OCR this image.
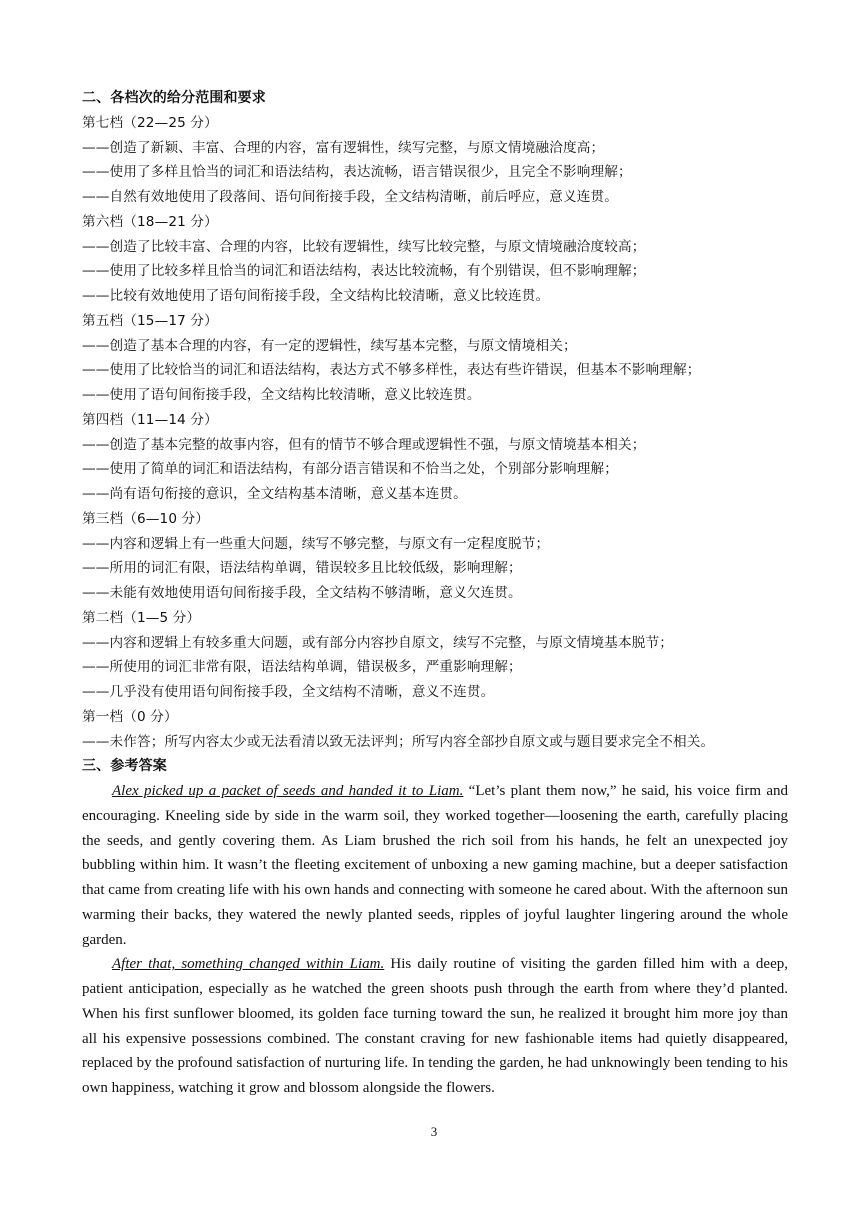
二、各档次的给分范围和要求
第七档（22—25 分）
——创造了新颖、丰富、合理的内容，富有逻辑性，续写完整，与原文情境融洽度高；
——使用了多样且恰当的词汇和语法结构，表达流畅，语言错误很少，且完全不影响理解；
——自然有效地使用了段落间、语句间衔接手段，全文结构清晰，前后呼应，意义连贯。
第六档（18—21 分）
——创造了比较丰富、合理的内容，比较有逻辑性，续写比较完整，与原文情境融洽度较高；
——使用了比较多样且恰当的词汇和语法结构，表达比较流畅，有个别错误，但不影响理解；
——比较有效地使用了语句间衔接手段，全文结构比较清晰，意义比较连贯。
第五档（15—17 分）
——创造了基本合理的内容，有一定的逻辑性，续写基本完整，与原文情境相关；
——使用了比较恰当的词汇和语法结构，表达方式不够多样性，表达有些许错误，但基本不影响理解；
——使用了语句间衔接手段，全文结构比较清晰，意义比较连贯。
第四档（11—14 分）
——创造了基本完整的故事内容，但有的情节不够合理或逻辑性不强，与原文情境基本相关；
——使用了简单的词汇和语法结构，有部分语言错误和不恰当之处，个别部分影响理解；
——尚有语句衔接的意识，全文结构基本清晰，意义基本连贯。
第三档（6—10 分）
——内容和逻辑上有一些重大问题，续写不够完整，与原文有一定程度脱节；
——所用的词汇有限，语法结构单调，错误较多且比较低级，影响理解；
——未能有效地使用语句间衔接手段，全文结构不够清晰，意义欠连贯。
第二档（1—5 分）
——内容和逻辑上有较多重大问题，或有部分内容抄自原文，续写不完整，与原文情境基本脱节；
——所使用的词汇非常有限，语法结构单调，错误极多，严重影响理解；
——几乎没有使用语句间衔接手段，全文结构不清晰，意义不连贯。
第一档（0 分）
——未作答；所写内容太少或无法看清以致无法评判；所写内容全部抄自原文或与题目要求完全不相关。
三、参考答案

Alex picked up a packet of seeds and handed it to Liam. “Let’s plant them now,” he said, his voice firm and encouraging. Kneeling side by side in the warm soil, they worked together—loosening the earth, carefully placing the seeds, and gently covering them. As Liam brushed the rich soil from his hands, he felt an unexpected joy bubbling within him. It wasn’t the fleeting excitement of unboxing a new gaming machine, but a deeper satisfaction that came from creating life with his own hands and connecting with someone he cared about. With the afternoon sun warming their backs, they watered the newly planted seeds, ripples of joyful laughter lingering around the whole garden.

After that, something changed within Liam. His daily routine of visiting the garden filled him with a deep, patient anticipation, especially as he watched the green shoots push through the earth from where they’d planted. When his first sunflower bloomed, its golden face turning toward the sun, he realized it brought him more joy than all his expensive possessions combined. The constant craving for new fashionable items had quietly disappeared, replaced by the profound satisfaction of nurturing life. In tending the garden, he had unknowingly been tending to his own happiness, watching it grow and blossom alongside the flowers.

3
